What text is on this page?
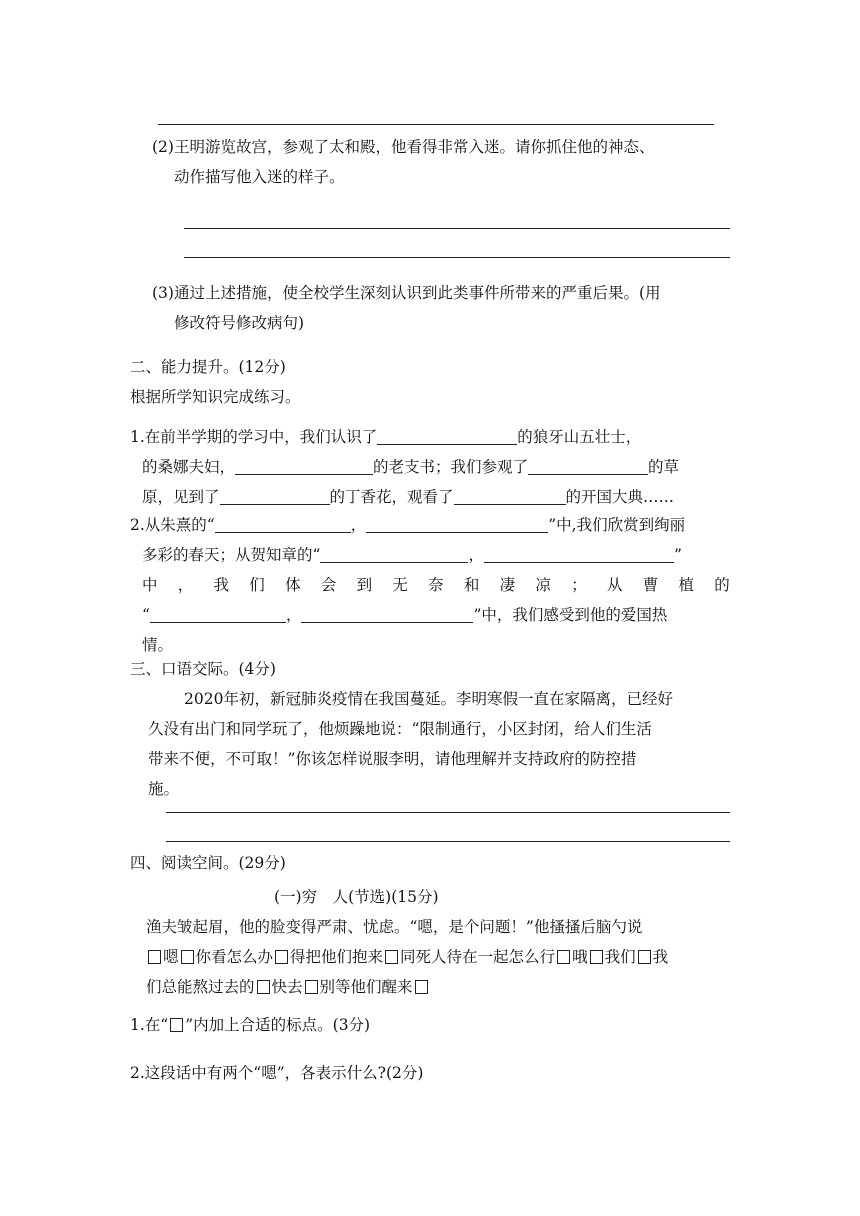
(2)王明游览故宫，参观了太和殿，他看得非常入迷。请你抓住他的神态、
动作描写他入迷的样子。
(3)通过上述措施，使全校学生深刻认识到此类事件所带来的严重后果。(用
修改符号修改病句)
二、能力提升。(12分)
根据所学知识完成练习。
1.在前半学期的学习中，我们认识了	的狼牙山五壮士，
的桑娜夫妇，	的老支书；我们参观了	的草
原，见到了	的丁香花，观看了	的开国大典……
2.从朱熹的“	，	”中,我们欣赏到绚丽
多彩的春天；从贺知章的“	，	”
中 ， 我 们 体 会 到 无 奈 和 凄 凉 ； 从 曹 植 的
“	，	”中，我们感受到他的爱国热
情。
三、口语交际。(4分)
2020年初，新冠肺炎疫情在我国蔓延。李明寒假一直在家隔离，已经好
久没有出门和同学玩了，他烦躁地说：“限制通行，小区封闭，给人们生活
带来不便，不可取！”你该怎样说服李明，请他理解并支持政府的防控措
施。
四、阅读空间。(29分)
(一)穷　人(节选)(15分)
渔夫皱起眉，他的脸变得严肃、忧虑。“嗯，是个问题！”他搔搔后脑勺说
嗯 你看怎么办 得把他们抱来 同死人待在一起怎么行 哦 我们 我
们总能熬过去的 快去 别等他们醒来
1.在“ ”内加上合适的标点。(3分)
2.这段话中有两个“嗯”，各表示什么?(2分)
